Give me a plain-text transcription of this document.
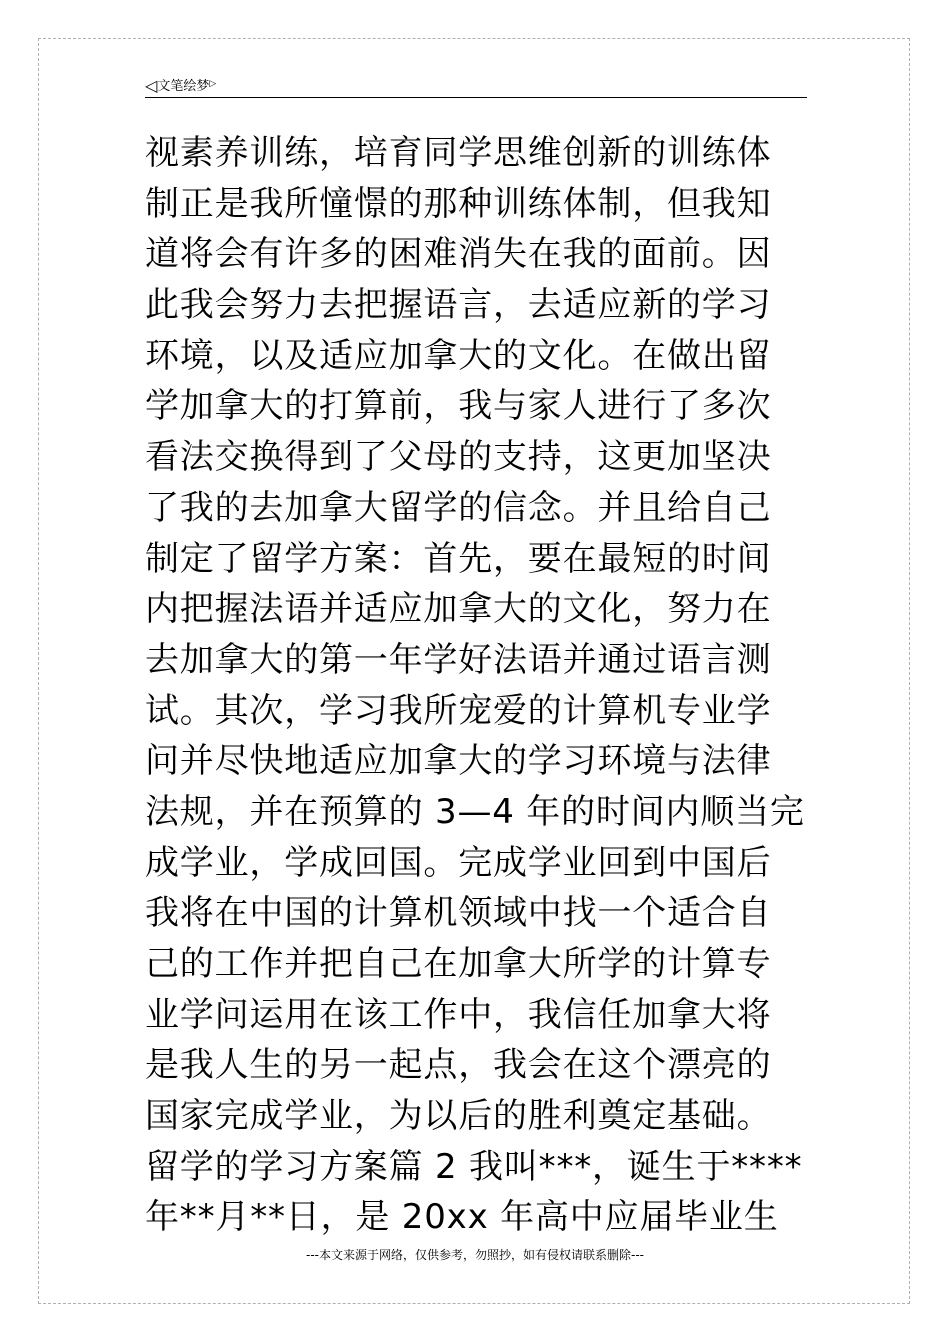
◁文笔绘梦▷
视素养训练，培育同学思维创新的训练体
制正是我所憧憬的那种训练体制，但我知
道将会有许多的困难消失在我的面前。因
此我会努力去把握语言，去适应新的学习
环境，以及适应加拿大的文化。在做出留
学加拿大的打算前，我与家人进行了多次
看法交换得到了父母的支持，这更加坚决
了我的去加拿大留学的信念。并且给自己
制定了留学方案：首先，要在最短的时间
内把握法语并适应加拿大的文化，努力在
去加拿大的第一年学好法语并通过语言测
试。其次，学习我所宠爱的计算机专业学
问并尽快地适应加拿大的学习环境与法律
法规，并在预算的 3—4 年的时间内顺当完
成学业，学成回国。完成学业回到中国后
我将在中国的计算机领域中找一个适合自
己的工作并把自己在加拿大所学的计算专
业学问运用在该工作中，我信任加拿大将
是我人生的另一起点，我会在这个漂亮的
国家完成学业，为以后的胜利奠定基础。
留学的学习方案篇 2 我叫***，诞生于****
年**月**日，是 20xx 年高中应届毕业生
---本文来源于网络，仅供参考，勿照抄，如有侵权请联系删除---
